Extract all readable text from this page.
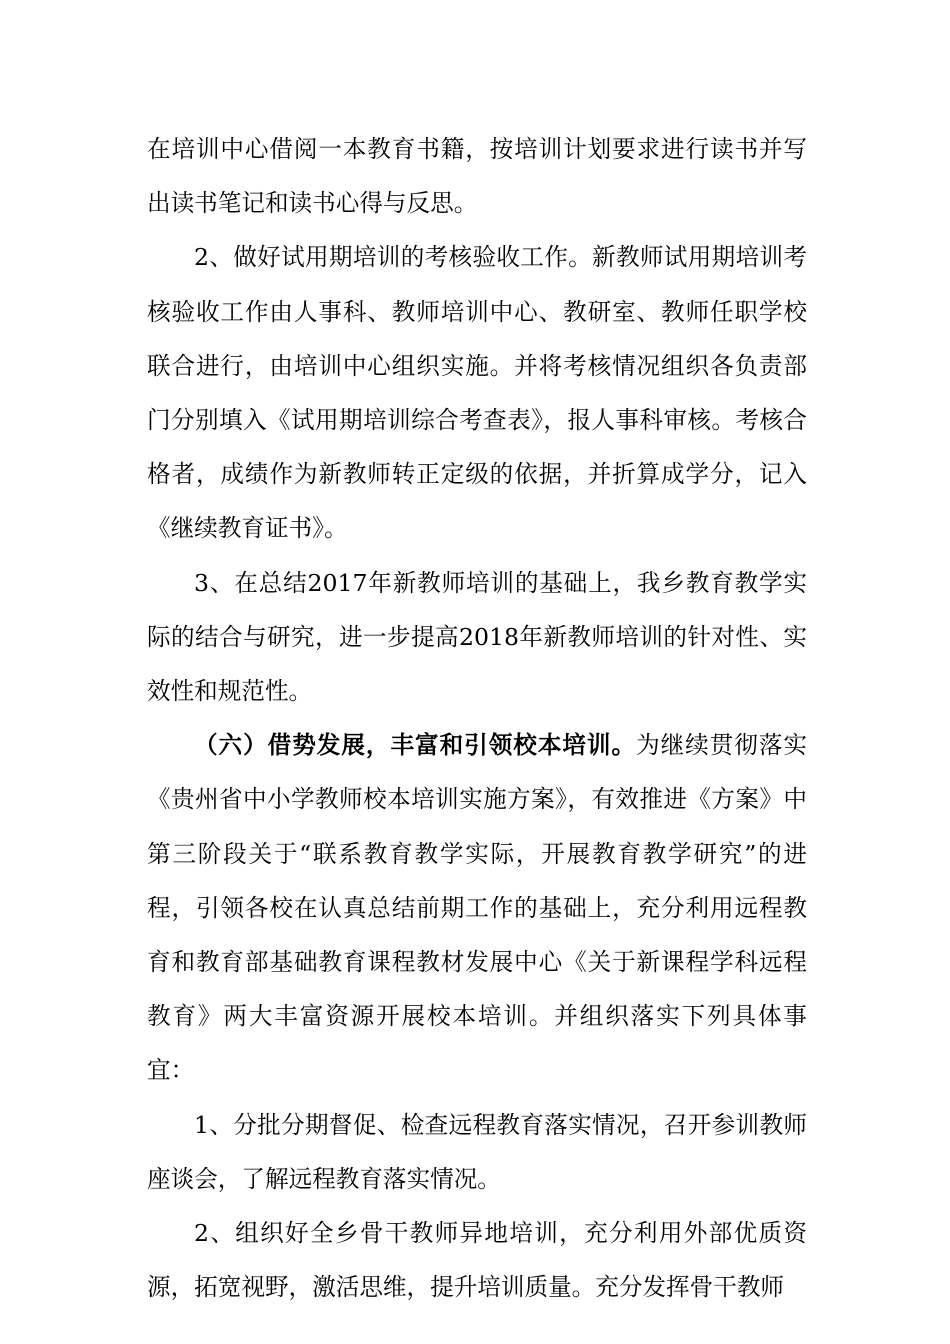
在培训中心借阅一本教育书籍，按培训计划要求进行读书并写出读书笔记和读书心得与反思。

2、做好试用期培训的考核验收工作。新教师试用期培训考核验收工作由人事科、教师培训中心、教研室、教师任职学校联合进行，由培训中心组织实施。并将考核情况组织各负责部门分别填入《试用期培训综合考查表》，报人事科审核。考核合格者，成绩作为新教师转正定级的依据，并折算成学分，记入《继续教育证书》。

3、在总结2017年新教师培训的基础上，我乡教育教学实际的结合与研究，进一步提高2018年新教师培训的针对性、实效性和规范性。

（六）借势发展，丰富和引领校本培训。为继续贯彻落实《贵州省中小学教师校本培训实施方案》，有效推进《方案》中第三阶段关于“联系教育教学实际，开展教育教学研究”的进程，引领各校在认真总结前期工作的基础上，充分利用远程教育和教育部基础教育课程教材发展中心《关于新课程学科远程教育》两大丰富资源开展校本培训。并组织落实下列具体事宜：

1、分批分期督促、检查远程教育落实情况，召开参训教师座谈会，了解远程教育落实情况。

2、组织好全乡骨干教师异地培训，充分利用外部优质资源，拓宽视野，激活思维，提升培训质量。充分发挥骨干教师
